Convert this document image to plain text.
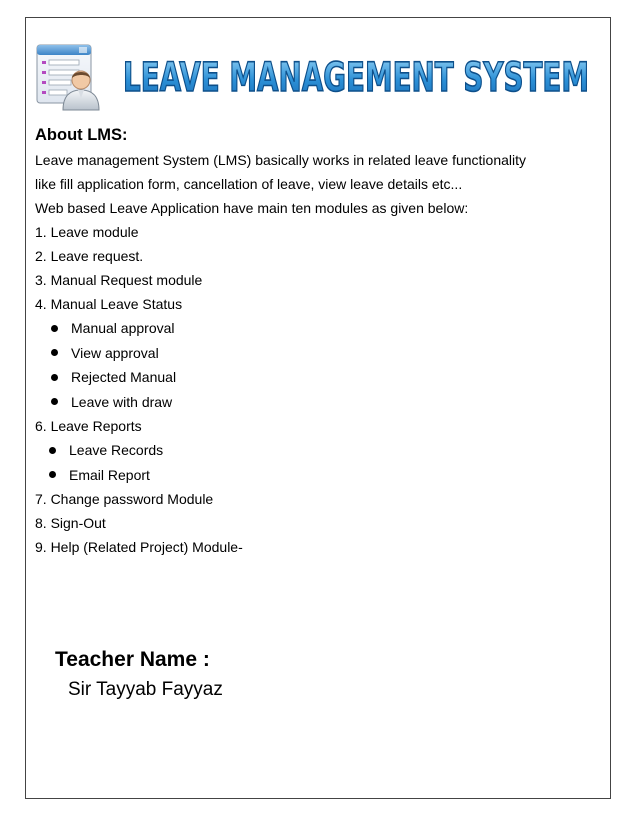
LEAVE MANAGEMENT SYSTEM
About LMS:
Leave management System (LMS) basically works in related leave functionality
like fill application form, cancellation of leave, view leave details etc...
Web based Leave Application have main ten modules as given below:
1. Leave module
2. Leave request.
3. Manual Request module
4. Manual Leave Status
Manual approval
View approval
Rejected Manual
Leave with draw
6. Leave Reports
Leave Records
Email Report
7. Change password Module
8. Sign-Out
9. Help (Related Project) Module-
Teacher Name :
Sir Tayyab Fayyaz
